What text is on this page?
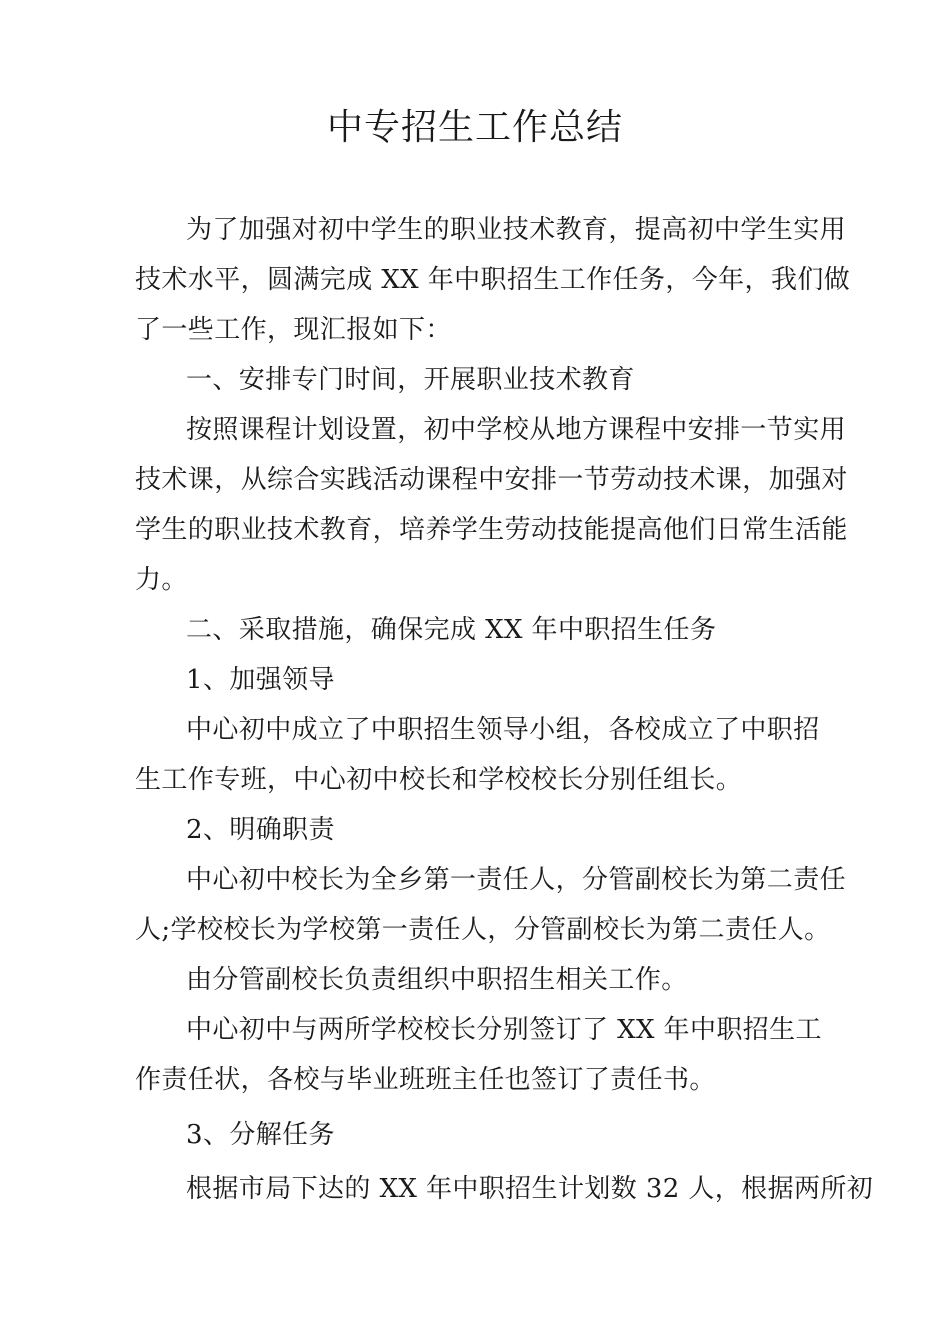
中专招生工作总结

为了加强对初中学生的职业技术教育，提高初中学生实用

技术水平，圆满完成 XX 年中职招生工作任务，今年，我们做

了一些工作，现汇报如下：

一、安排专门时间，开展职业技术教育

按照课程计划设置，初中学校从地方课程中安排一节实用

技术课，从综合实践活动课程中安排一节劳动技术课，加强对

学生的职业技术教育，培养学生劳动技能提高他们日常生活能

力。

二、采取措施，确保完成 XX 年中职招生任务

1、加强领导

中心初中成立了中职招生领导小组，各校成立了中职招

生工作专班，中心初中校长和学校校长分别任组长。

2、明确职责

中心初中校长为全乡第一责任人，分管副校长为第二责任

人;学校校长为学校第一责任人，分管副校长为第二责任人。

由分管副校长负责组织中职招生相关工作。

中心初中与两所学校校长分别签订了 XX 年中职招生工

作责任状，各校与毕业班班主任也签订了责任书。

3、分解任务

根据市局下达的 XX 年中职招生计划数 32 人，根据两所初
